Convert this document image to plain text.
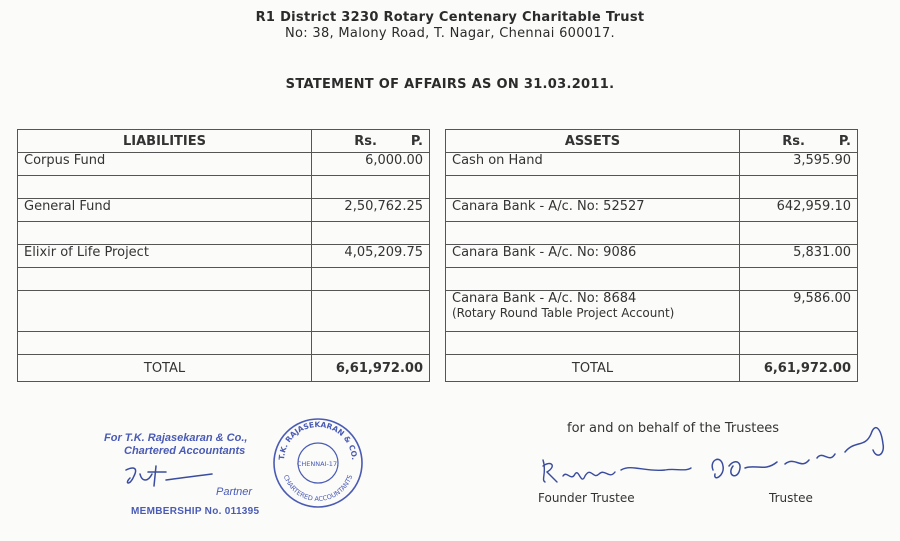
R1 District 3230 Rotary Centenary Charitable Trust
No: 38, Malony Road, T. Nagar, Chennai 600017.
STATEMENT OF AFFAIRS AS ON 31.03.2011.
LIABILITIES	Rs. P.
Corpus Fund	6,000.00

General Fund	2,50,762.25

Elixir of Life Project	4,05,209.75

TOTAL	6,61,972.00
ASSETS	Rs. P.
Cash on Hand	3,595.90

Canara Bank - A/c. No: 52527	642,959.10

Canara Bank - A/c. No: 9086	5,831.00

Canara Bank - A/c. No: 8684
(Rotary Round Table Project Account)	9,586.00

TOTAL	6,61,972.00
For T.K. Rajasekaran & Co.,
Chartered Accountants
Partner
MEMBERSHIP No. 011395
T.K. RAJASEKARAN & CO.
CHARTERED ACCOUNTANTS
CHENNAI-17.
for and on behalf of the Trustees
Founder Trustee	Trustee
